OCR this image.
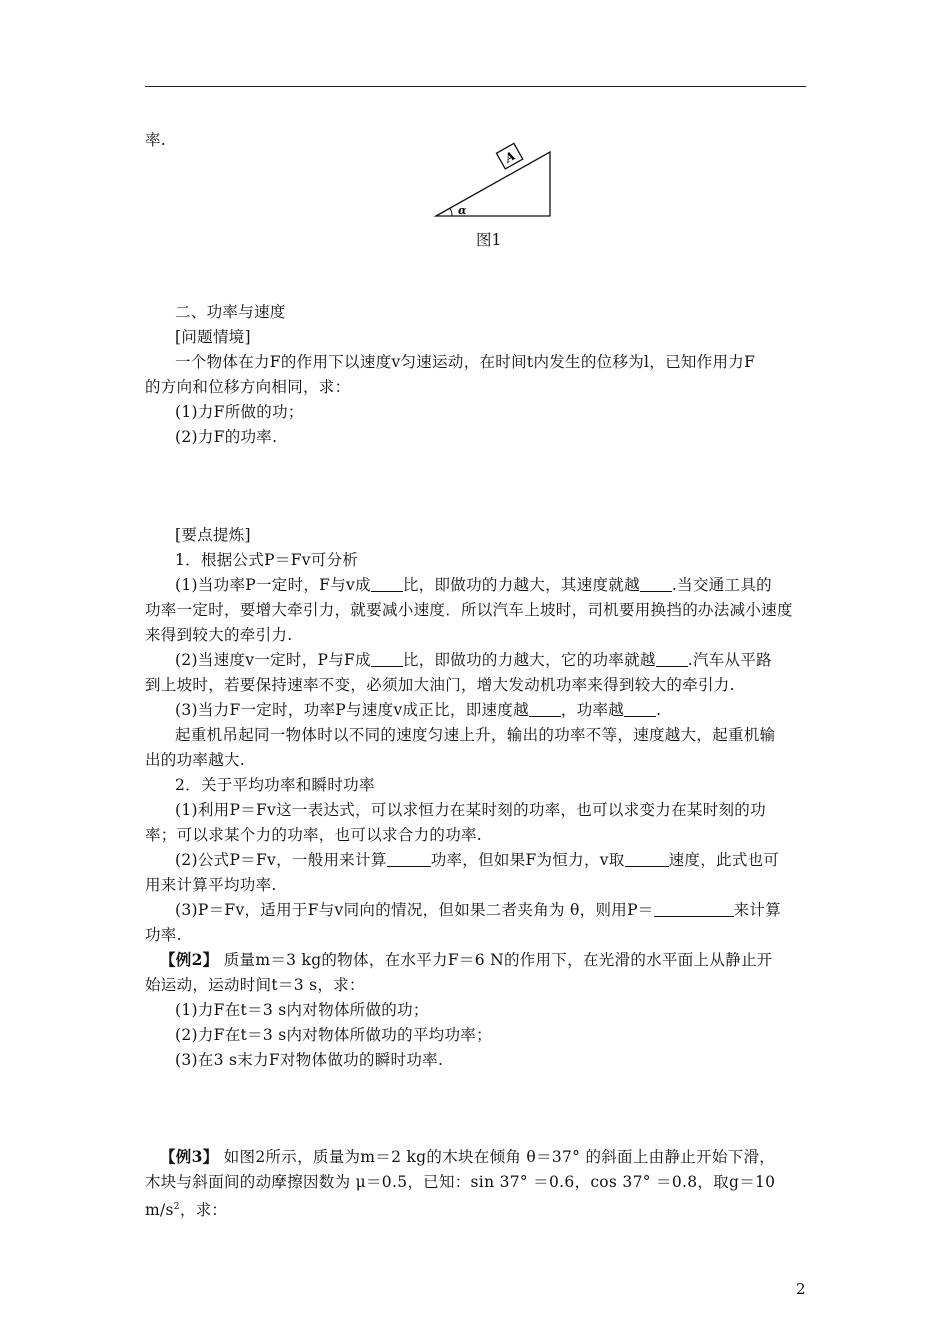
率.
A
α
图1
二、功率与速度
[问题情境]
一个物体在力F的作用下以速度v匀速运动，在时间t内发生的位移为l，已知作用力F
的方向和位移方向相同，求：
(1)力F所做的功；
(2)力F的功率.
[要点提炼]
1．根据公式P＝Fv可分析
(1)当功率P一定时，F与v成 比，即做功的力越大，其速度就越 .当交通工具的
功率一定时，要增大牵引力，就要减小速度．所以汽车上坡时，司机要用换挡的办法减小速度
来得到较大的牵引力.
(2)当速度v一定时，P与F成 比，即做功的力越大，它的功率就越 .汽车从平路
到上坡时，若要保持速率不变，必须加大油门，增大发动机功率来得到较大的牵引力.
(3)当力F一定时，功率P与速度v成正比，即速度越 ，功率越 .
起重机吊起同一物体时以不同的速度匀速上升，输出的功率不等，速度越大，起重机输
出的功率越大.
2．关于平均功率和瞬时功率
(1)利用P＝Fv这一表达式，可以求恒力在某时刻的功率，也可以求变力在某时刻的功
率；可以求某个力的功率，也可以求合力的功率.
(2)公式P＝Fv，一般用来计算	功率，但如果F为恒力，v取	速度，此式也可
用来计算平均功率.
(3)P＝Fv，适用于F与v同向的情况，但如果二者夹角为 θ，则用P＝	来计算
功率.
【例2】 质量m＝3 kg的物体，在水平力F＝6 N的作用下，在光滑的水平面上从静止开
始运动，运动时间t＝3 s，求：
(1)力F在t＝3 s内对物体所做的功；
(2)力F在t＝3 s内对物体所做功的平均功率；
(3)在3 s末力F对物体做功的瞬时功率.
【例3】 如图2所示，质量为m＝2 kg的木块在倾角 θ＝37° 的斜面上由静止开始下滑，
木块与斜面间的动摩擦因数为 μ＝0.5，已知：sin 37° ＝0.6，cos 37° ＝0.8，取g＝10
$m/s^2$，求：
2
